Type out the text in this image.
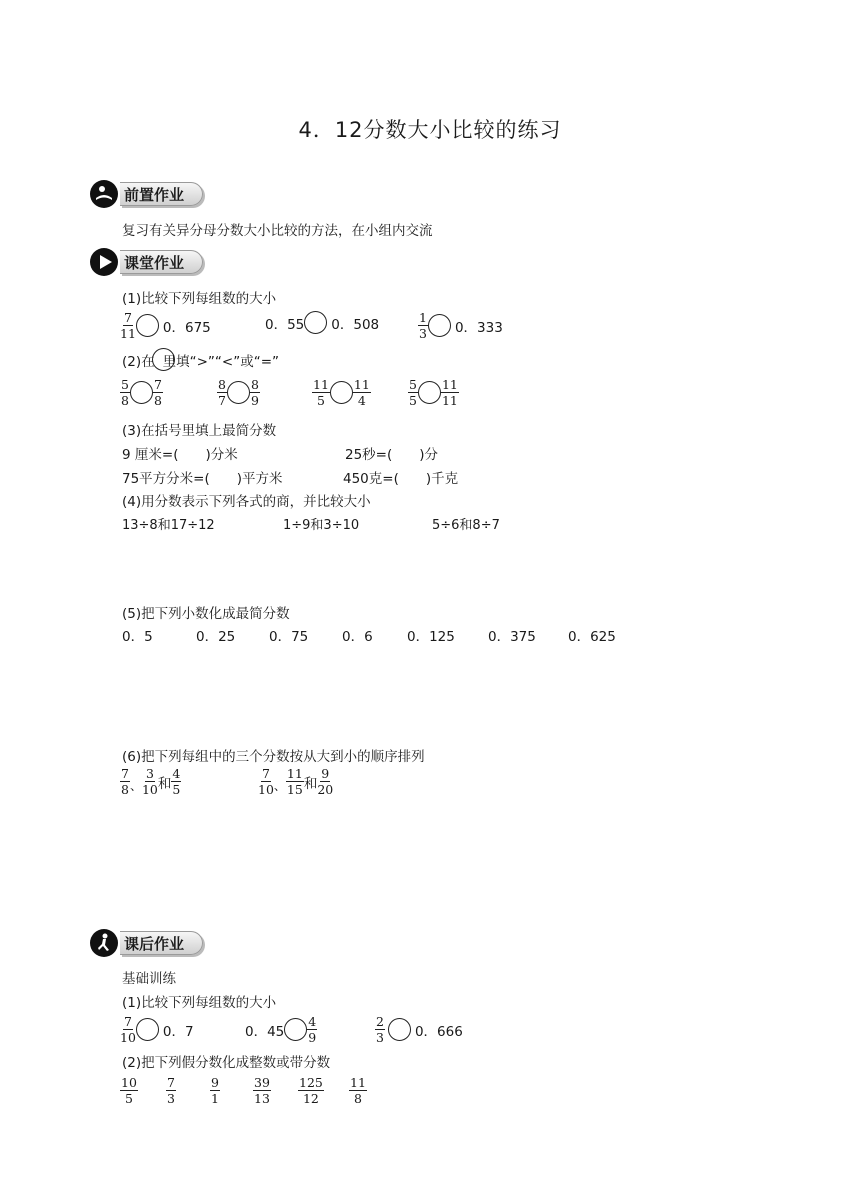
4．12分数大小比较的练习
前置作业
复习有关异分母分数大小比较的方法，在小组内交流
课堂作业
(1)比较下列每组数的大小
$\frac{7}{11} 0$．675	0．55 0．508	$\frac{1}{3} 0$．333
(2)在 里填“>”“<”或“=”
$\frac{5}{8} \frac{7}{8}$	$\frac{8}{7} \frac{8}{9}$	$\frac{11}{5} \frac{11}{4}$	$\frac{5}{5} \frac{11}{11}$
(3)在括号里填上最简分数
9 厘米=(　　)分米	25秒=(　　)分
75平方分米=(　　)平方米	450克=(　　)千克
(4)用分数表示下列各式的商，并比较大小
13÷8和17÷12	1÷9和3÷10	5÷6和8÷7
(5)把下列小数化成最简分数
0．5	0．25 0．75 0．6	0．125 0．375 0．625
(6)把下列每组中的三个分数按从大到小的顺序排列
$\frac{7}{8}$ 、 $\frac{3}{10}$ 和 $\frac{4}{5}$	$\frac{7}{10}$ 、 $\frac{11}{15}$ 和 $\frac{9}{20}$
课后作业
基础训练
(1)比较下列每组数的大小
$\frac{7}{10} 0$．7	0．$45 \frac{4}{9}$	$\frac{2}{3} 0$．666
(2)把下列假分数化成整数或带分数
$\frac{10}{5} \frac{7}{3}$	$\frac{9}{1}$	$\frac{39}{13} \frac{125}{12} \frac{11}{8}$
